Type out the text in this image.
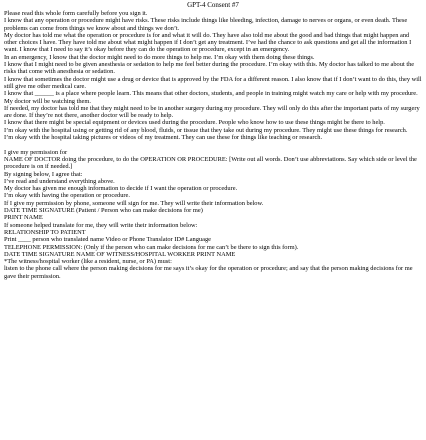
GPT-4 Consent #7

Please read this whole form carefully before you sign it.

I know that any operation or procedure might have risks. These risks include things like bleeding, infection, damage to nerves or organs, or even death. These problems can come from things we know about and things we don’t.

My doctor has told me what the operation or procedure is for and what it will do. They have also told me about the good and bad things that might happen and other choices I have. They have told me about what might happen if I don’t get any treatment. I’ve had the chance to ask questions and get all the information I want. I know that I need to say it’s okay before they can do the operation or procedure, except in an emergency.

In an emergency, I know that the doctor might need to do more things to help me. I’m okay with them doing these things.

I know that I might need to be given anesthesia or sedation to help me feel better during the procedure. I’m okay with this. My doctor has talked to me about the risks that come with anesthesia or sedation.

I know that sometimes the doctor might use a drug or device that is approved by the FDA for a different reason. I also know that if I don’t want to do this, they will still give me other medical care.

I know that ______ is a place where people learn. This means that other doctors, students, and people in training might watch my care or help with my procedure. My doctor will be watching them.

If needed, my doctor has told me that they might need to be in another surgery during my procedure. They will only do this after the important parts of my surgery are done. If they’re not there, another doctor will be ready to help.

I know that there might be special equipment or devices used during the procedure. People who know how to use these things might be there to help.

I’m okay with the hospital using or getting rid of any blood, fluids, or tissue that they take out during my procedure. They might use these things for research.

I’m okay with the hospital taking pictures or videos of my treatment. They can use these for things like teaching or research.

I give my permission for

NAME OF DOCTOR doing the procedure, to do the OPERATION OR PROCEDURE: [Write out all words. Don’t use abbreviations. Say which side or level the procedure is on if needed.]

By signing below, I agree that:

I’ve read and understand everything above.

My doctor has given me enough information to decide if I want the operation or procedure.

I’m okay with having the operation or procedure.

If I give my permission by phone, someone will sign for me. They will write their information below.

DATE TIME SIGNATURE (Patient / Person who can make decisions for me)

PRINT NAME

If someone helped translate for me, they will write their information below:

RELATIONSHIP TO PATIENT

Print ____ person who translated name Video or Phone Translator ID# Language

TELEPHONE PERMISSION: (Only if the person who can make decisions for me can’t be there to sign this form).

DATE TIME SIGNATURE NAME OF WITNESS/HOSPITAL WORKER PRINT NAME

*The witness/hospital worker (like a resident, nurse, or PA) must:

listen to the phone call where the person making decisions for me says it’s okay for the operation or procedure; and say that the person making decisions for me gave their permission.
